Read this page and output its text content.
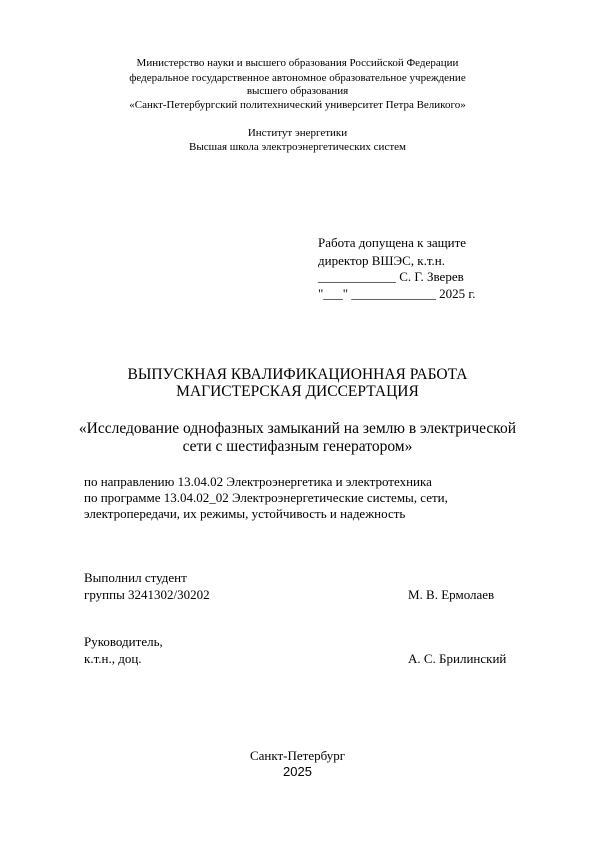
Министерство науки и высшего образования Российской Федерации
федеральное государственное автономное образовательное учреждение
высшего образования
«Санкт-Петербургский политехнический университет Петра Великого»
Институт энергетики
Высшая школа электроэнергетических систем
Работа допущена к защите
директор ВШЭС, к.т.н.
____________ С. Г. Зверев
"___" _____________ 2025 г.
ВЫПУСКНАЯ КВАЛИФИКАЦИОННАЯ РАБОТА
МАГИСТЕРСКАЯ ДИССЕРТАЦИЯ
«Исследование однофазных замыканий на землю в электрической
сети с шестифазным генератором»
по направлению 13.04.02 Электроэнергетика и электротехника
по программе 13.04.02_02 Электроэнергетические системы, сети,
электропередачи, их режимы, устойчивость и надежность
Выполнил студент
группы 3241302/30202	М. В. Ермолаев
Руководитель,
к.т.н., доц.	А. С. Брилинский
Санкт-Петербург
2025
